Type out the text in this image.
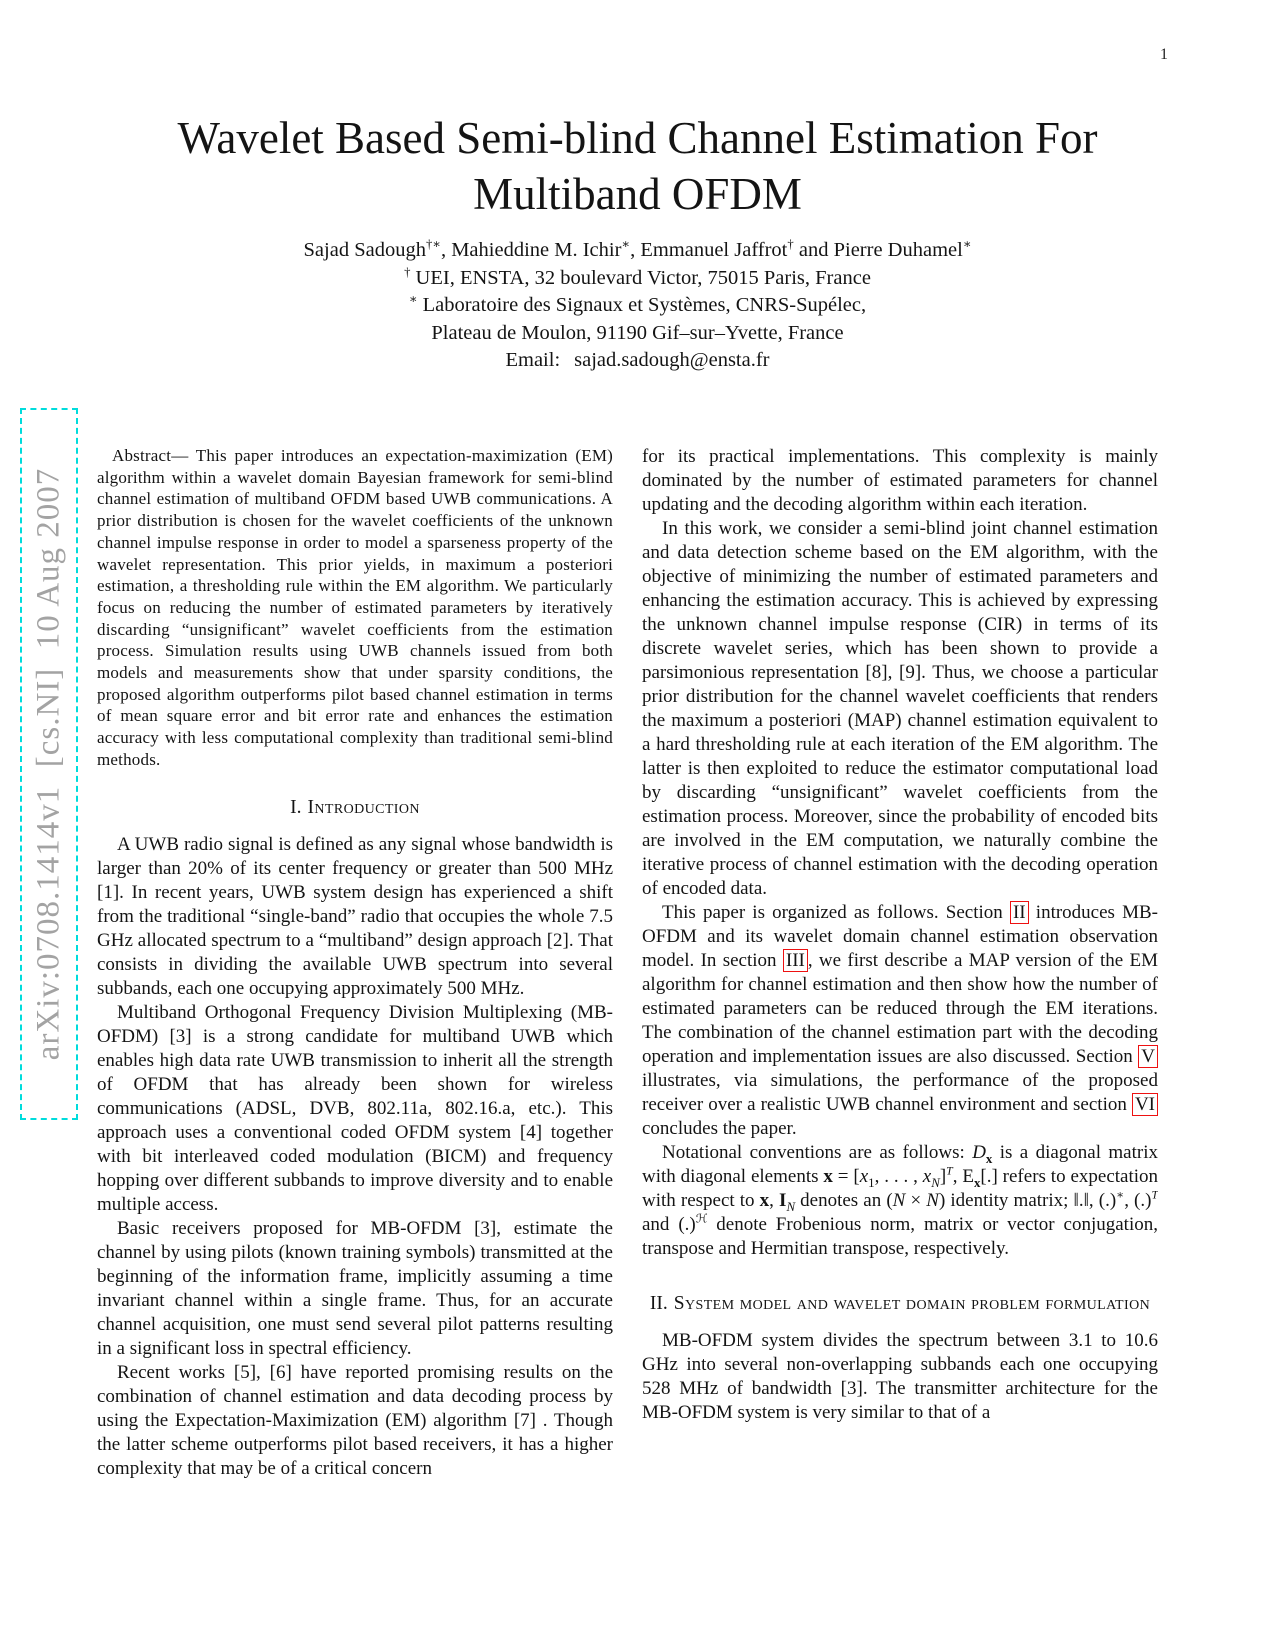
1
arXiv:0708.1414v1  [cs.NI]  10 Aug 2007
Wavelet Based Semi-blind Channel Estimation For
Multiband OFDM
Sajad Sadough†∗, Mahieddine M. Ichir∗, Emmanuel Jaffrot† and Pierre Duhamel∗
† UEI, ENSTA, 32 boulevard Victor, 75015 Paris, France
∗ Laboratoire des Signaux et Systèmes, CNRS-Supélec,
Plateau de Moulon, 91190 Gif–sur–Yvette, France
Email: sajad.sadough@ensta.fr

Abstract— This paper introduces an expectation-maximization (EM) algorithm within a wavelet domain Bayesian framework for semi-blind channel estimation of multiband OFDM based UWB communications. A prior distribution is chosen for the wavelet coefficients of the unknown channel impulse response in order to model a sparseness property of the wavelet representation. This prior yields, in maximum a posteriori estimation, a thresholding rule within the EM algorithm. We particularly focus on reducing the number of estimated parameters by iteratively discarding “unsignificant” wavelet coefficients from the estimation process. Simulation results using UWB channels issued from both models and measurements show that under sparsity conditions, the proposed algorithm outperforms pilot based channel estimation in terms of mean square error and bit error rate and enhances the estimation accuracy with less computational complexity than traditional semi-blind methods.

I. Introduction

A UWB radio signal is defined as any signal whose bandwidth is larger than 20% of its center frequency or greater than 500 MHz [1]. In recent years, UWB system design has experienced a shift from the traditional “single-band” radio that occupies the whole 7.5 GHz allocated spectrum to a “multiband” design approach [2]. That consists in dividing the available UWB spectrum into several subbands, each one occupying approximately 500 MHz.

Multiband Orthogonal Frequency Division Multiplexing (MB-OFDM) [3] is a strong candidate for multiband UWB which enables high data rate UWB transmission to inherit all the strength of OFDM that has already been shown for wireless communications (ADSL, DVB, 802.11a, 802.16.a, etc.). This approach uses a conventional coded OFDM system [4] together with bit interleaved coded modulation (BICM) and frequency hopping over different subbands to improve diversity and to enable multiple access.

Basic receivers proposed for MB-OFDM [3], estimate the channel by using pilots (known training symbols) transmitted at the beginning of the information frame, implicitly assuming a time invariant channel within a single frame. Thus, for an accurate channel acquisition, one must send several pilot patterns resulting in a significant loss in spectral efficiency.

Recent works [5], [6] have reported promising results on the combination of channel estimation and data decoding process by using the Expectation-Maximization (EM) algorithm [7] . Though the latter scheme outperforms pilot based receivers, it has a higher complexity that may be of a critical concern

for its practical implementations. This complexity is mainly dominated by the number of estimated parameters for channel updating and the decoding algorithm within each iteration.

In this work, we consider a semi-blind joint channel estimation and data detection scheme based on the EM algorithm, with the objective of minimizing the number of estimated parameters and enhancing the estimation accuracy. This is achieved by expressing the unknown channel impulse response (CIR) in terms of its discrete wavelet series, which has been shown to provide a parsimonious representation [8], [9]. Thus, we choose a particular prior distribution for the channel wavelet coefficients that renders the maximum a posteriori (MAP) channel estimation equivalent to a hard thresholding rule at each iteration of the EM algorithm. The latter is then exploited to reduce the estimator computational load by discarding “unsignificant” wavelet coefficients from the estimation process. Moreover, since the probability of encoded bits are involved in the EM computation, we naturally combine the iterative process of channel estimation with the decoding operation of encoded data.

This paper is organized as follows. Section II introduces MB-OFDM and its wavelet domain channel estimation observation model. In section III , we first describe a MAP version of the EM algorithm for channel estimation and then show how the number of estimated parameters can be reduced through the EM iterations. The combination of the channel estimation part with the decoding operation and implementation issues are also discussed. Section V illustrates, via simulations, the performance of the proposed receiver over a realistic UWB channel environment and section VI concludes the paper.

Notational conventions are as follows: $D_x$ is a diagonal matrix with diagonal elements $x = [x_1$, . . . , $x_N]^T$, $E_x[.]$ refers to expectation with respect to x, $I_N$ denotes an (N × N) identity matrix; ‖.‖, (.)∗, (.)$^T$ and (.)$^ℋ$ denote Frobenious norm, matrix or vector conjugation, transpose and Hermitian transpose, respectively.

II. System model and wavelet domain problem formulation

MB-OFDM system divides the spectrum between 3.1 to 10.6 GHz into several non-overlapping subbands each one occupying 528 MHz of bandwidth [3]. The transmitter architecture for the MB-OFDM system is very similar to that of a
